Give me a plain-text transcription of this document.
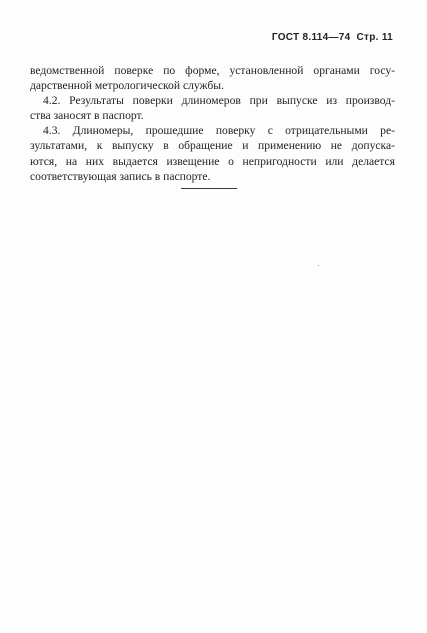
ГОСТ 8.114—74 Стр. 11
ведомственной поверке по форме, установленной органами госу-
дарственной метрологической службы.
4.2. Результаты поверки длиномеров при выпуске из производ-
ства заносят в паспорт.
4.3. Длиномеры, прошедшие поверку с отрицательными ре-
зультатами, к выпуску в обращение и применению не допуска-
ются, на них выдается извещение о непригодности или делается
соответствующая запись в паспорте.
